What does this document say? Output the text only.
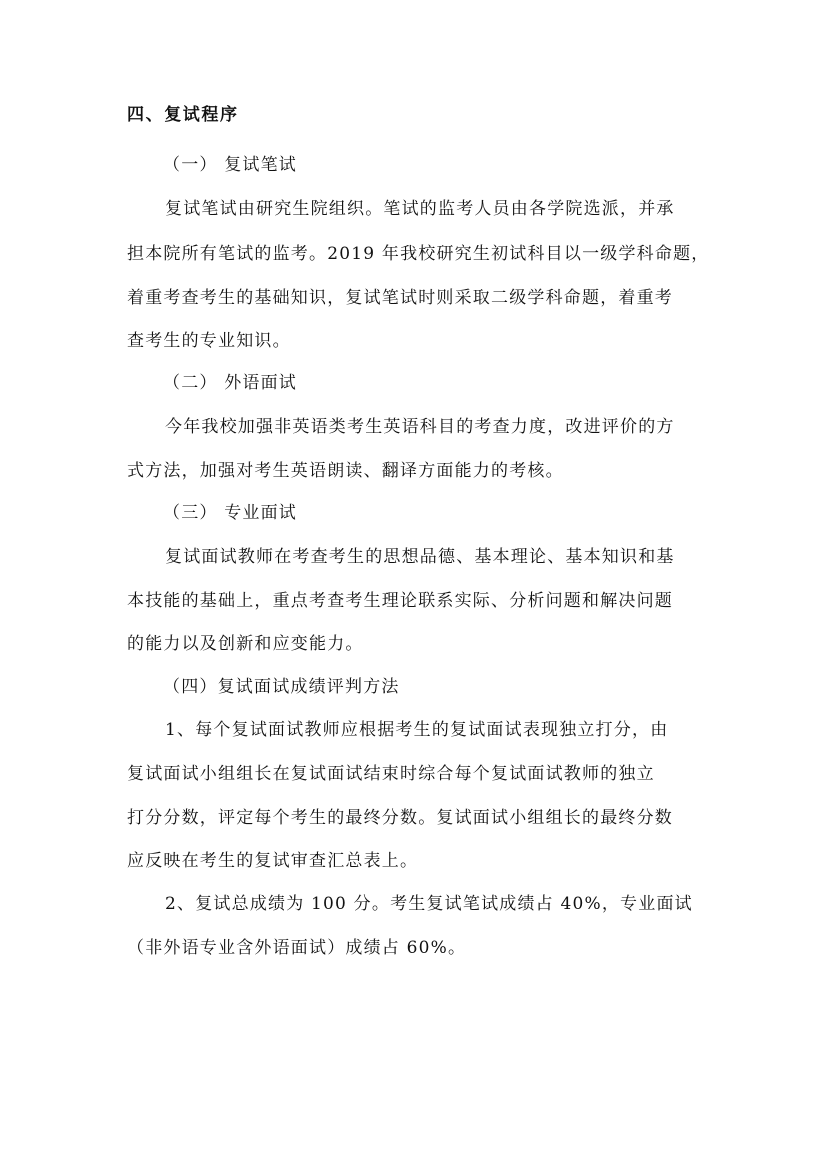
四、复试程序
（一） 复试笔试
复试笔试由研究生院组织。笔试的监考人员由各学院选派，并承
担本院所有笔试的监考。2019 年我校研究生初试科目以一级学科命题，
着重考查考生的基础知识，复试笔试时则采取二级学科命题，着重考
查考生的专业知识。
（二） 外语面试
今年我校加强非英语类考生英语科目的考查力度，改进评价的方
式方法，加强对考生英语朗读、翻译方面能力的考核。
（三） 专业面试
复试面试教师在考查考生的思想品德、基本理论、基本知识和基
本技能的基础上，重点考查考生理论联系实际、分析问题和解决问题
的能力以及创新和应变能力。
（四）复试面试成绩评判方法
1、每个复试面试教师应根据考生的复试面试表现独立打分，由
复试面试小组组长在复试面试结束时综合每个复试面试教师的独立
打分分数，评定每个考生的最终分数。复试面试小组组长的最终分数
应反映在考生的复试审查汇总表上。
2、复试总成绩为 100 分。考生复试笔试成绩占 40%，专业面试
（非外语专业含外语面试）成绩占 60%。
